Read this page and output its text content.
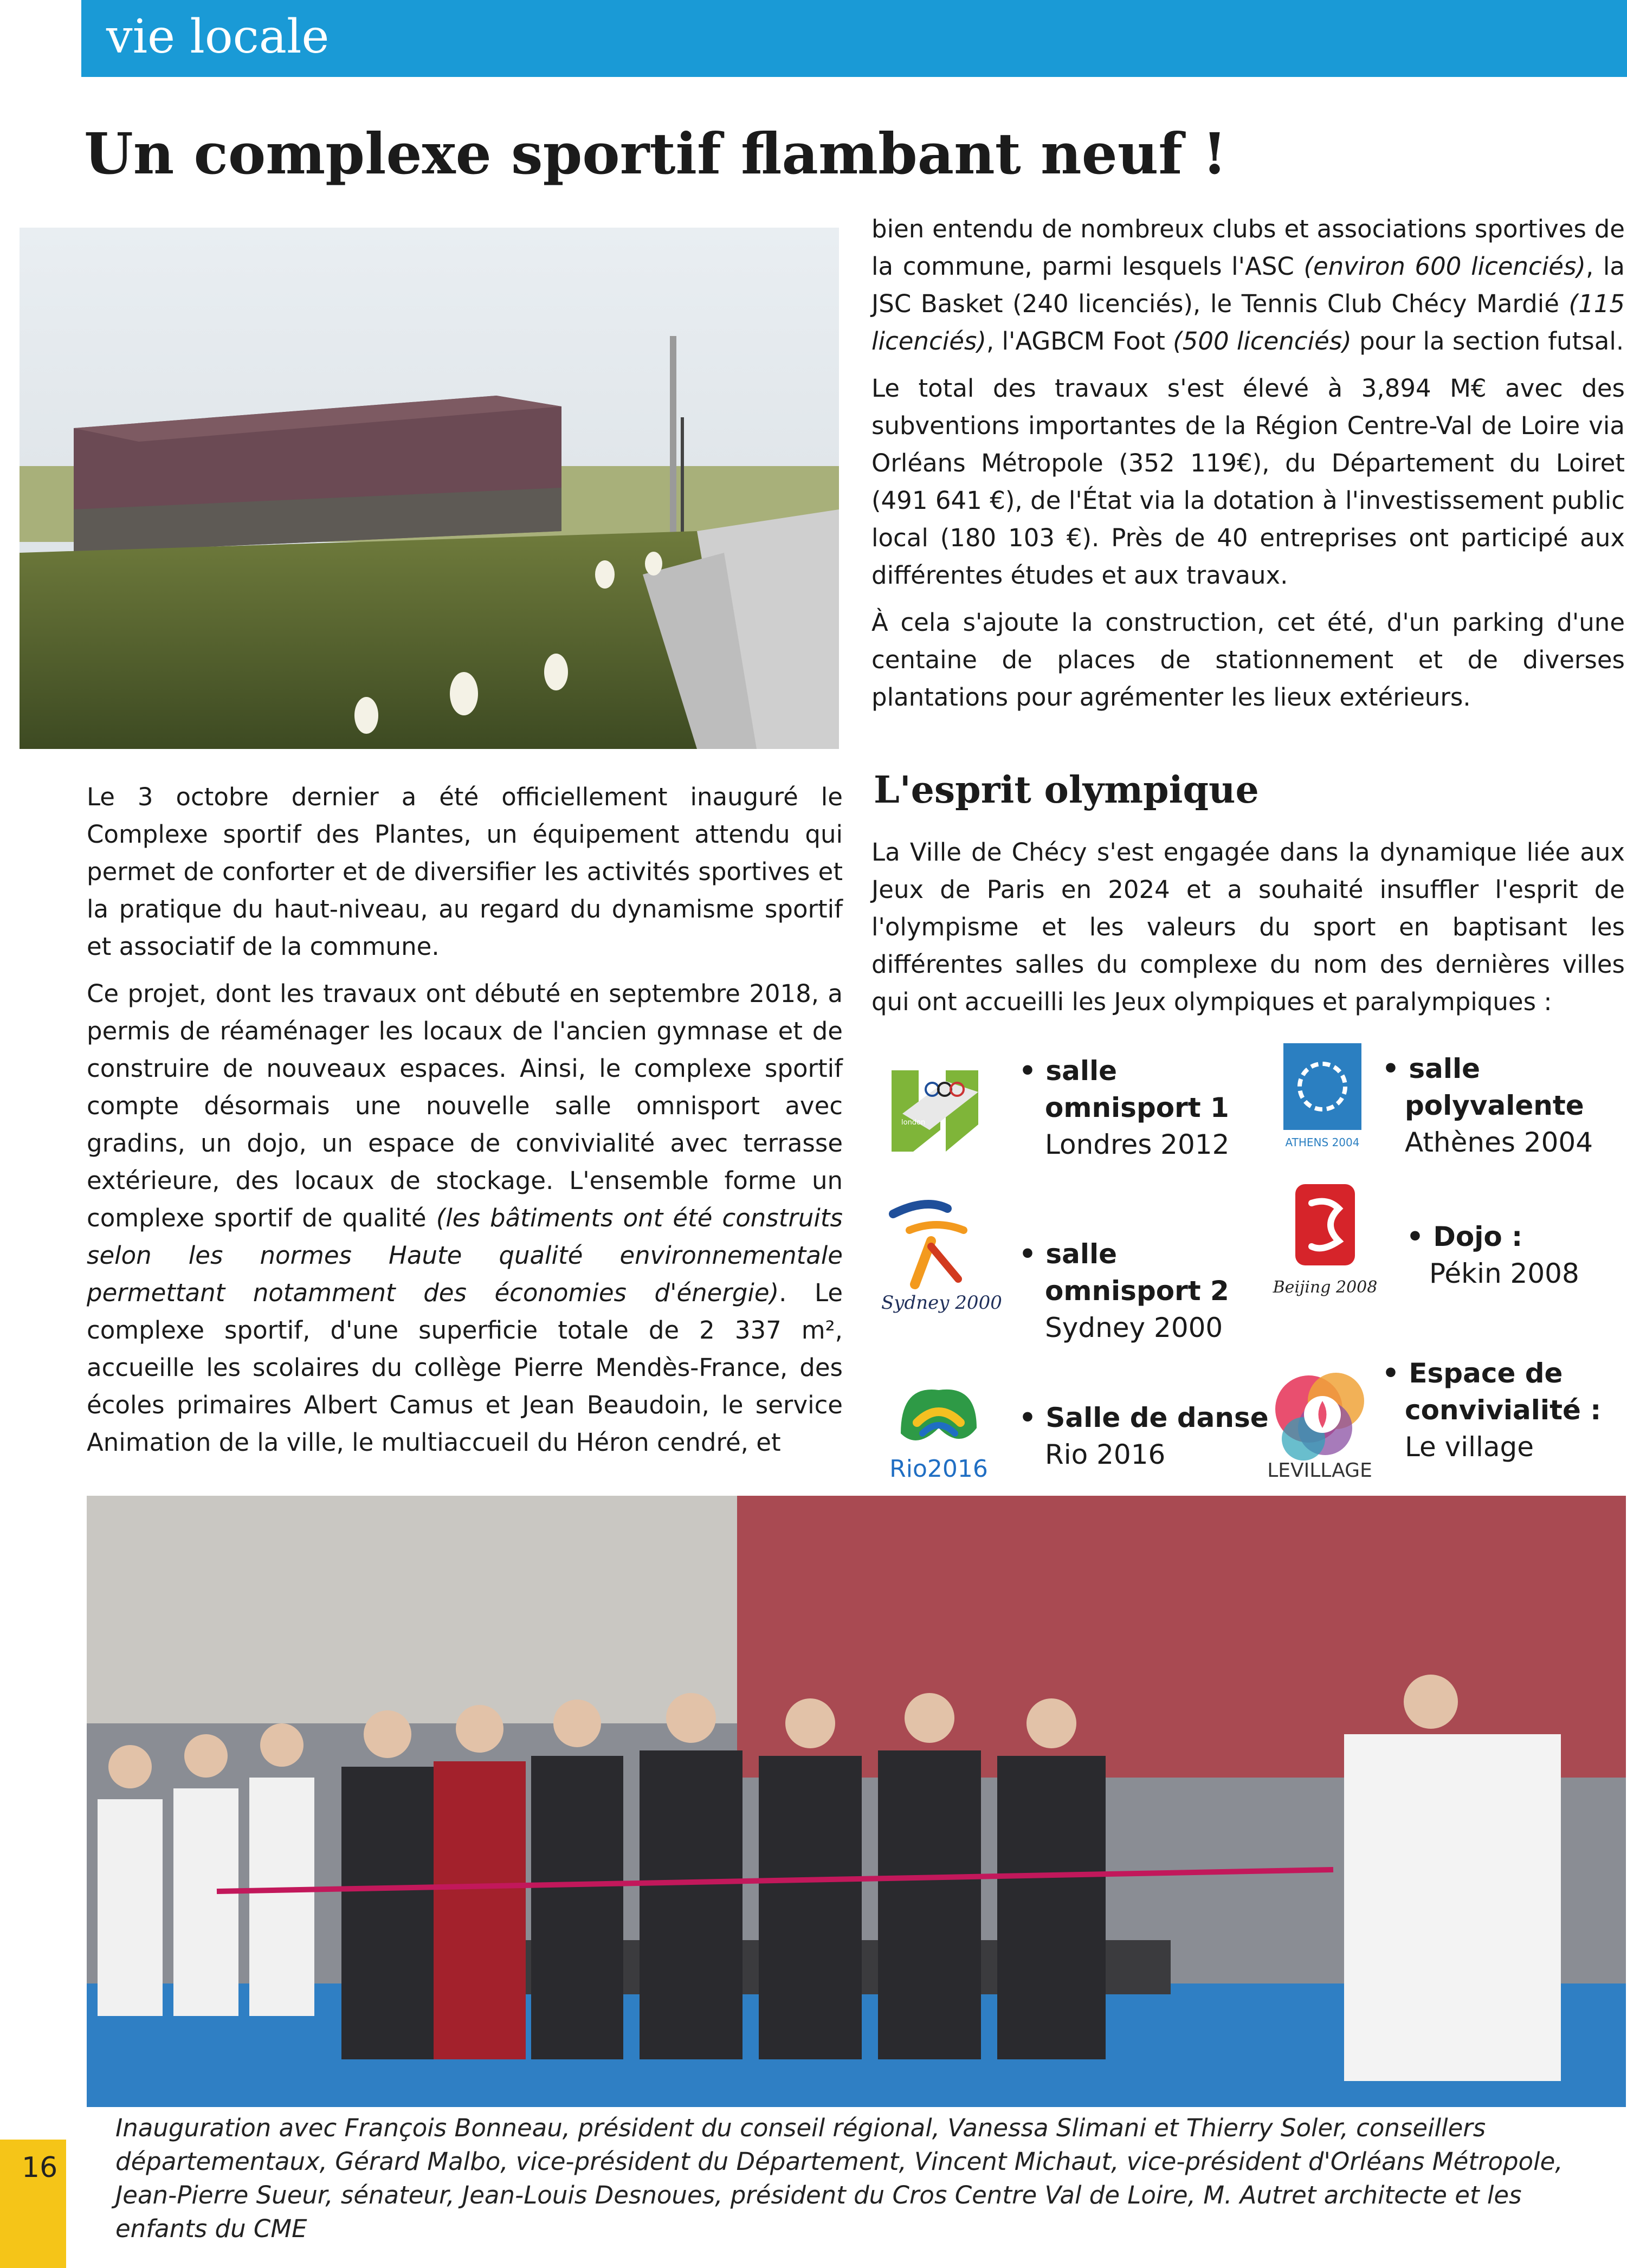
vie locale
Un complexe sportif flambant neuf !

Le 3 octobre dernier a été officiellement inauguré le Complexe sportif des Plantes, un équipement attendu qui permet de conforter et de diversifier les activités sportives et la pratique du haut-niveau, au regard du dynamisme sportif et associatif de la commune.

Ce projet, dont les travaux ont débuté en septembre 2018, a permis de réaménager les locaux de l'ancien gymnase et de construire de nouveaux espaces. Ainsi, le complexe sportif compte désormais une nouvelle salle omnisport avec gradins, un dojo, un espace de convivialité avec terrasse extérieure, des locaux de stockage. L'ensemble forme un complexe sportif de qualité (les bâtiments ont été construits selon les normes Haute qualité environnementale permettant notamment des économies d'énergie). Le complexe sportif, d'une superficie totale de 2 337 m², accueille les scolaires du collège Pierre Mendès-France, des écoles primaires Albert Camus et Jean Beaudoin, le service Animation de la ville, le multiaccueil du Héron cendré, et

bien entendu de nombreux clubs et associations sportives de la commune, parmi lesquels l'ASC (environ 600 licenciés), la JSC Basket (240 licenciés), le Tennis Club Chécy Mardié (115 licenciés), l'AGBCM Foot (500 licenciés) pour la section futsal.

Le total des travaux s'est élevé à 3,894 M€ avec des subventions importantes de la Région Centre-Val de Loire via Orléans Métropole (352 119€), du Département du Loiret (491 641 €), de l'État via la dotation à l'investissement public local (180 103 €). Près de 40 entreprises ont participé aux différentes études et aux travaux.

À cela s'ajoute la construction, cet été, d'un parking d'une centaine de places de stationnement et de diverses plantations pour agrémenter les lieux extérieurs.

L'esprit olympique

La Ville de Chécy s'est engagée dans la dynamique liée aux Jeux de Paris en 2024 et a souhaité insuffler l'esprit de l'olympisme et les valeurs du sport en baptisant les différentes salles du complexe du nom des dernières villes qui ont accueilli les Jeux olympiques et paralympiques :

london
• salle
omnisport 1
Londres 2012	ATHENS 2004
• salle
polyvalente
Athènes 2004
Sydney 2000
• salle
omnisport 2
Sydney 2000
Beijing 2008
• Dojo :
Pékin 2008
Rio2016
• Salle de danse
Rio 2016
LEVILLAGE
• Espace de
convivialité :
Le village
Inauguration avec François Bonneau, président du conseil régional, Vanessa Slimani et Thierry Soler, conseillers départementaux, Gérard Malbo, vice-président du Département, Vincent Michaut, vice-président d'Orléans Métropole, Jean-Pierre Sueur, sénateur, Jean-Louis Desnoues, président du Cros Centre Val de Loire, M. Autret architecte et les enfants du CME
16
